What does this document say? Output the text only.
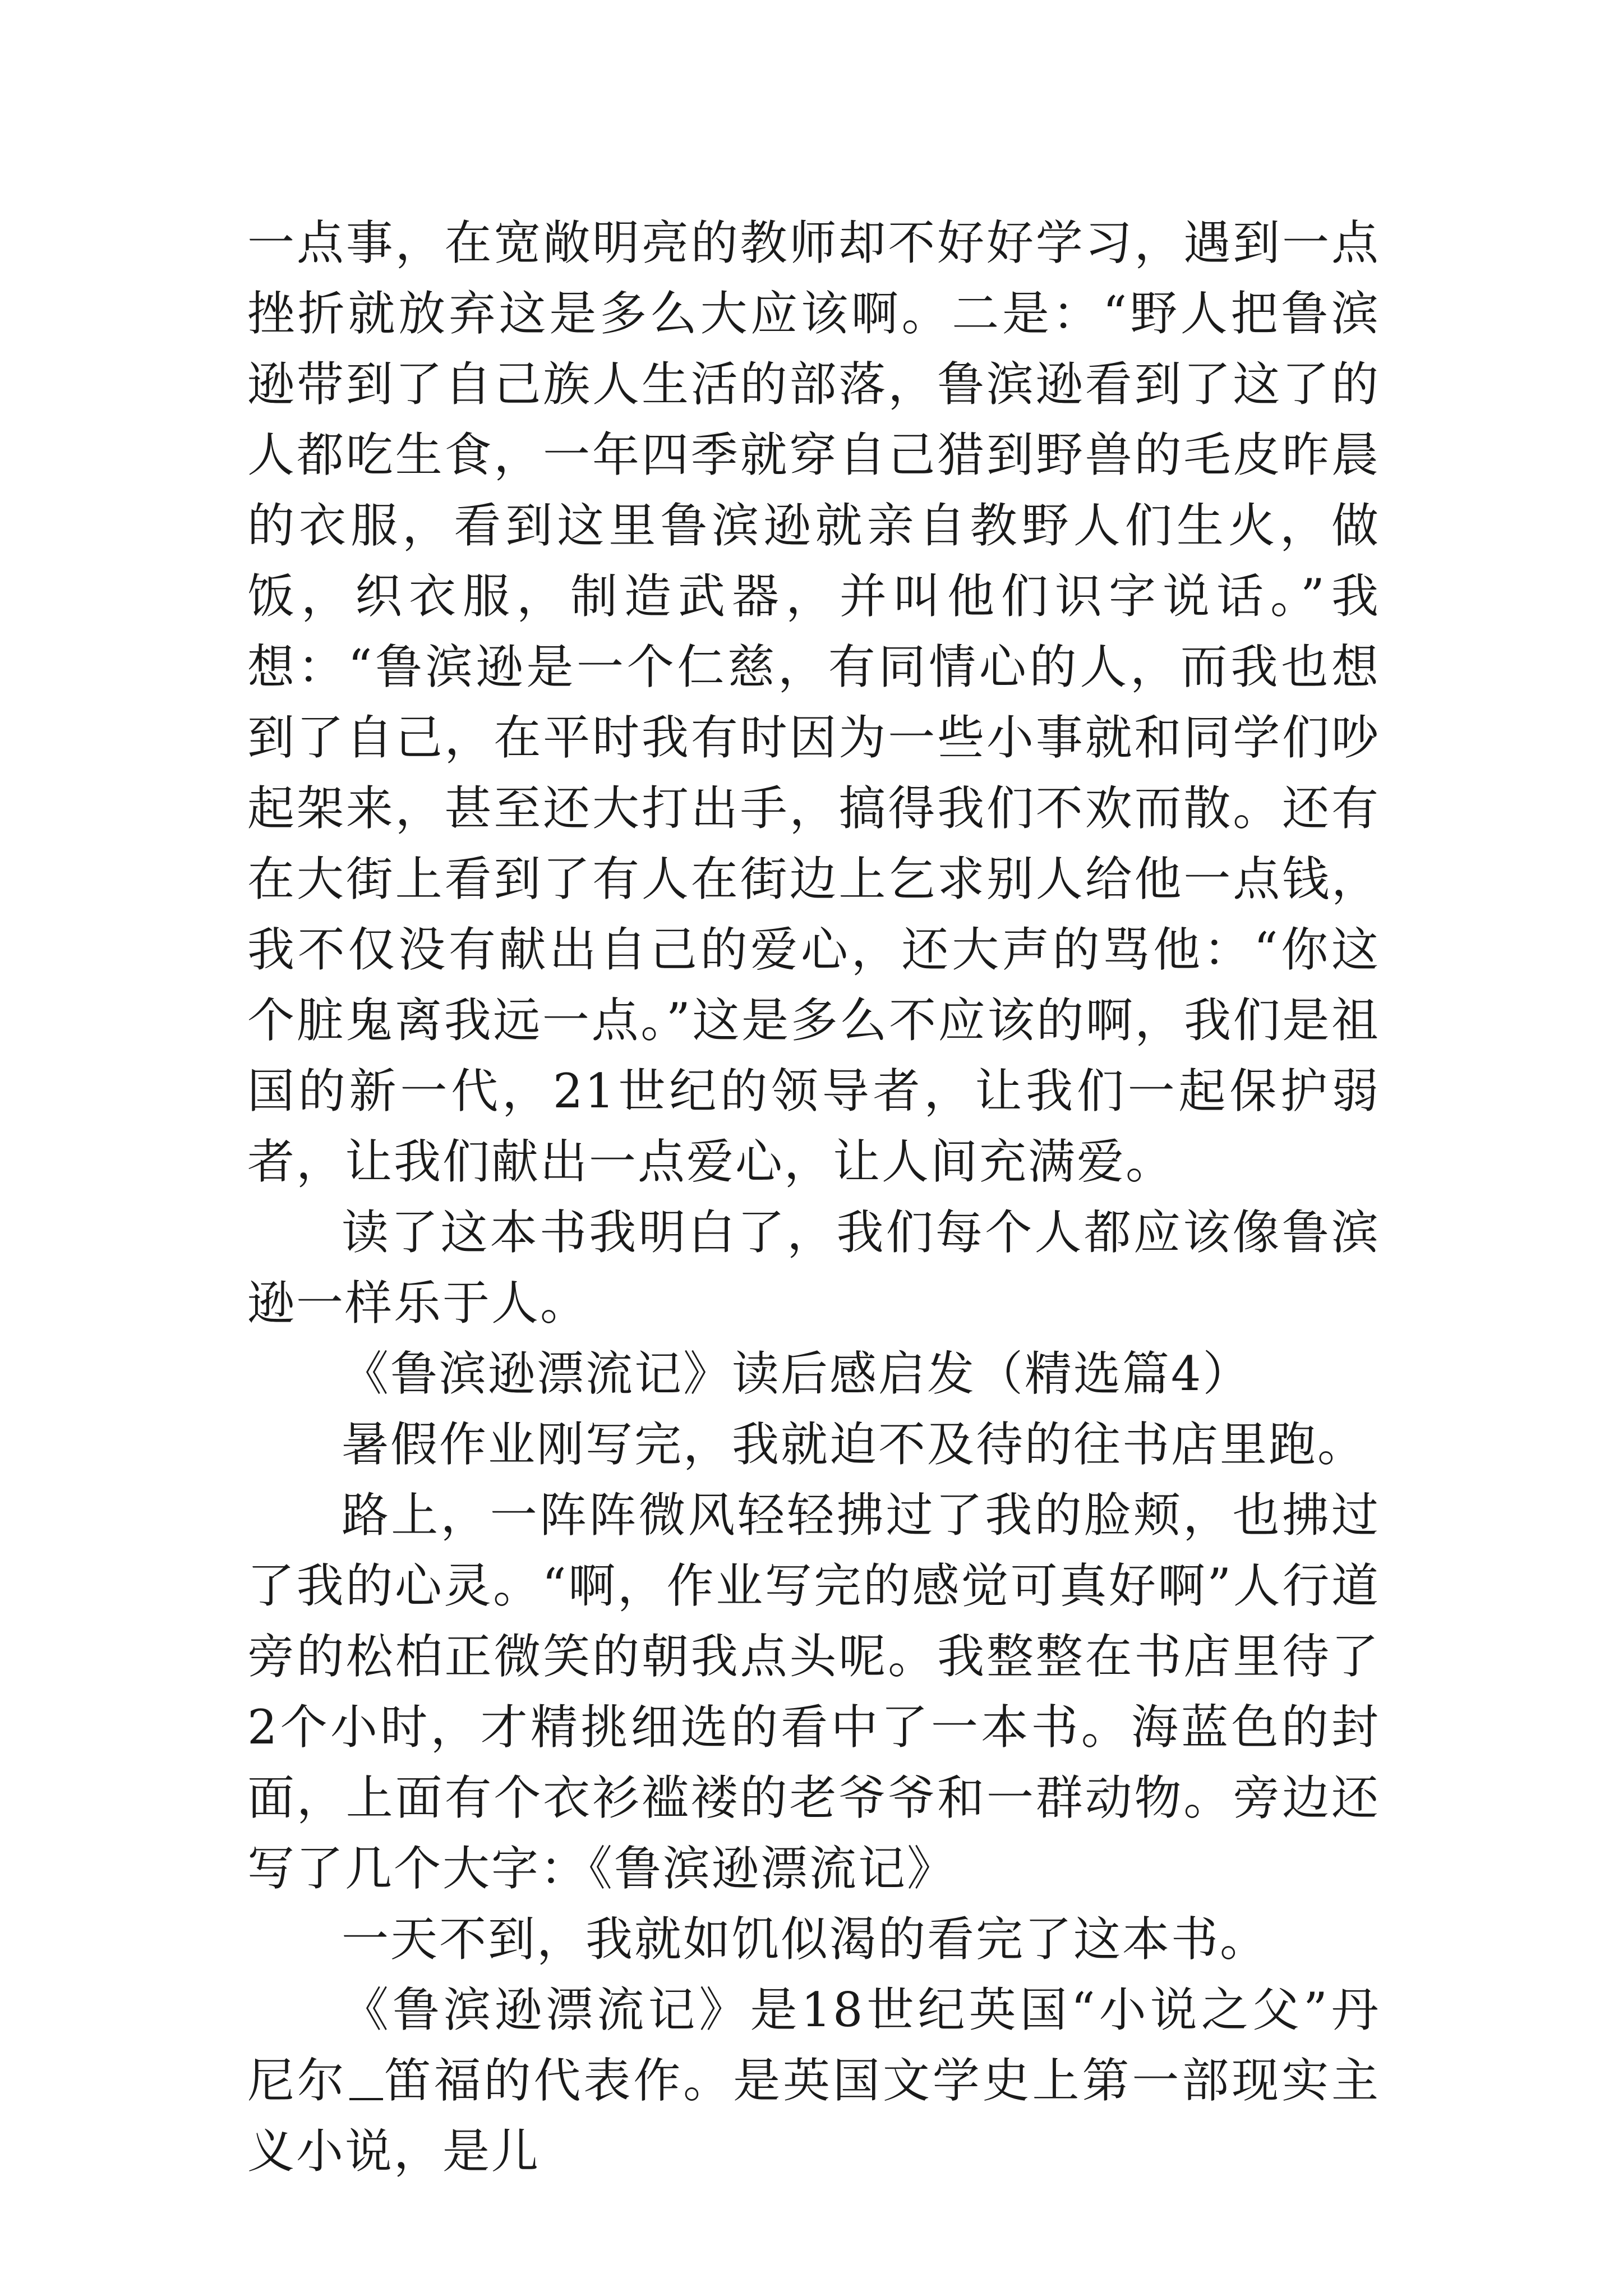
一点事，在宽敞明亮的教师却不好好学习，遇到一点挫折就放弃这是多么大应该啊。二是：“野人把鲁滨逊带到了自己族人生活的部落，鲁滨逊看到了这了的人都吃生食，一年四季就穿自己猎到野兽的毛皮昨晨的衣服，看到这里鲁滨逊就亲自教野人们生火，做饭，织衣服，制造武器，并叫他们识字说话。”我想：“鲁滨逊是一个仁慈，有同情心的人，而我也想到了自己，在平时我有时因为一些小事就和同学们吵起架来，甚至还大打出手，搞得我们不欢而散。还有在大街上看到了有人在街边上乞求别人给他一点钱，我不仅没有献出自己的爱心，还大声的骂他：“你这个脏鬼离我远一点。”这是多么不应该的啊，我们是祖国的新一代，21世纪的领导者，让我们一起保护弱者，让我们献出一点爱心，让人间充满爱。

读了这本书我明白了，我们每个人都应该像鲁滨逊一样乐于人。

《鲁滨逊漂流记》读后感启发（精选篇4）

暑假作业刚写完，我就迫不及待的往书店里跑。

路上，一阵阵微风轻轻拂过了我的脸颊，也拂过了我的心灵。“啊，作业写完的感觉可真好啊”人行道旁的松柏正微笑的朝我点头呢。我整整在书店里待了2个小时，才精挑细选的看中了一本书。海蓝色的封面，上面有个衣衫褴褛的老爷爷和一群动物。旁边还写了几个大字：《鲁滨逊漂流记》

一天不到，我就如饥似渴的看完了这本书。

《鲁滨逊漂流记》是18世纪英国“小说之父”丹尼尔 笛福的代表作。是英国文学史上第一部现实主义小说，是儿
